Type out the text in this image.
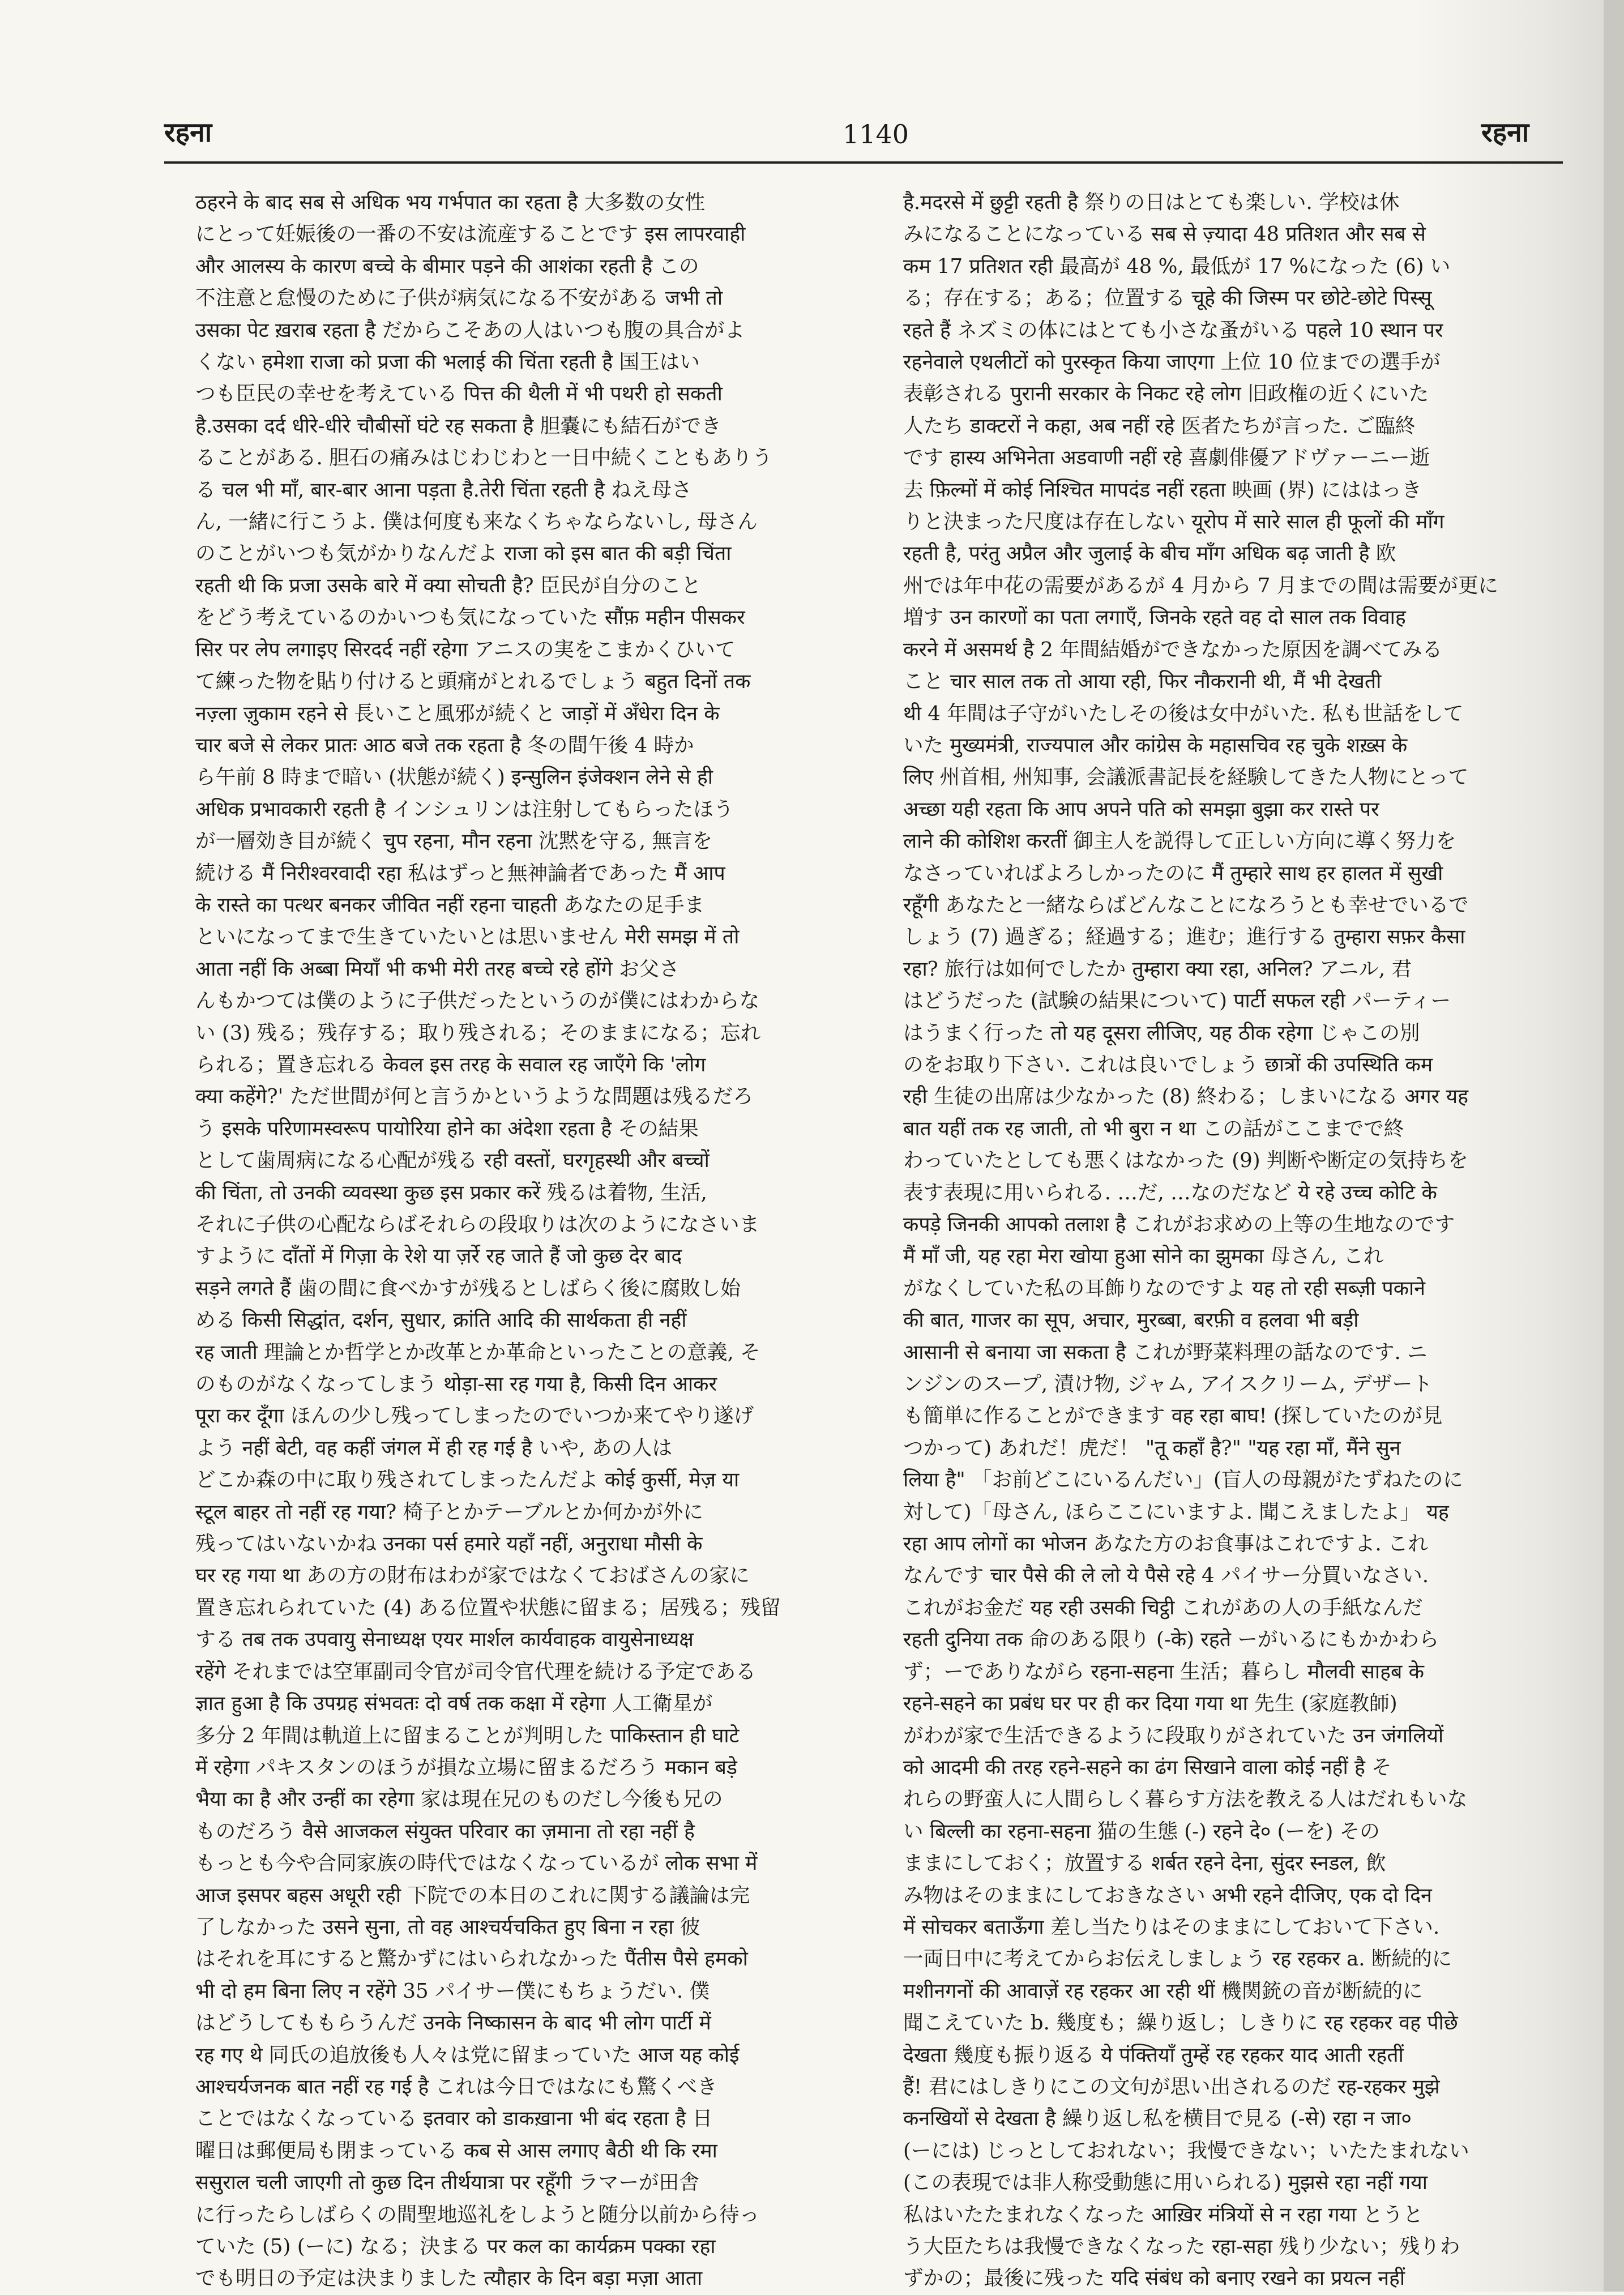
रहना	1140	रहना

ठहरने के बाद सब से अधिक भय गर्भपात का रहता है 大多数の女性

にとって妊娠後の一番の不安は流産することです इस लापरवाही

और आलस्य के कारण बच्चे के बीमार पड़ने की आशंका रहती है この

不注意と怠慢のために子供が病気になる不安がある जभी तो

उसका पेट ख़राब रहता है だからこそあの人はいつも腹の具合がよ

くない हमेशा राजा को प्रजा की भलाई की चिंता रहती है 国王はい

つも臣民の幸せを考えている पित्त की थैली में भी पथरी हो सकती

है.उसका दर्द धीरे-धीरे चौबीसों घंटे रह सकता है 胆嚢にも結石ができ

ることがある. 胆石の痛みはじわじわと一日中続くこともありう

る चल भी माँ, बार-बार आना पड़ता है.तेरी चिंता रहती है ねえ母さ

ん, 一緒に行こうよ. 僕は何度も来なくちゃならないし, 母さん

のことがいつも気がかりなんだよ राजा को इस बात की बड़ी चिंता

रहती थी कि प्रजा उसके बारे में क्या सोचती है? 臣民が自分のこと

をどう考えているのかいつも気になっていた सौंफ़ महीन पीसकर

सिर पर लेप लगाइए सिरदर्द नहीं रहेगा アニスの実をこまかくひいて

て練った物を貼り付けると頭痛がとれるでしょう बहुत दिनों तक

नज़्ला ज़ुकाम रहने से 長いこと風邪が続くと जाड़ों में अँधेरा दिन के

चार बजे से लेकर प्रातः आठ बजे तक रहता है 冬の間午後 4 時か

ら午前 8 時まで暗い (状態が続く) इन्सुलिन इंजेक्शन लेने से ही

अधिक प्रभावकारी रहती है インシュリンは注射してもらったほう

が一層効き目が続く चुप रहना, मौन रहना 沈黙を守る, 無言を

続ける मैं निरीश्वरवादी रहा 私はずっと無神論者であった मैं आप

के रास्ते का पत्थर बनकर जीवित नहीं रहना चाहती あなたの足手ま

といになってまで生きていたいとは思いません मेरी समझ में तो

आता नहीं कि अब्बा मियाँ भी कभी मेरी तरह बच्चे रहे होंगे お父さ

んもかつては僕のように子供だったというのが僕にはわからな

い (3) 残る；残存する；取り残される；そのままになる；忘れ

られる；置き忘れる केवल इस तरह के सवाल रह जाएँगे कि 'लोग

क्या कहेंगे?' ただ世間が何と言うかというような問題は残るだろ

う इसके परिणामस्वरूप पायोरिया होने का अंदेशा रहता है その結果

として歯周病になる心配が残る रही वस्तों, घरगृहस्थी और बच्चों

की चिंता, तो उनकी व्यवस्था कुछ इस प्रकार करें 残るは着物, 生活,

それに子供の心配ならばそれらの段取りは次のようになさいま

すように दाँतों में गिज़ा के रेशे या ज़र्रे रह जाते हैं जो कुछ देर बाद

सड़ने लगते हैं 歯の間に食べかすが残るとしばらく後に腐敗し始

める किसी सिद्धांत, दर्शन, सुधार, क्रांति आदि की सार्थकता ही नहीं

रह जाती 理論とか哲学とか改革とか革命といったことの意義, そ

のものがなくなってしまう थोड़ा-सा रह गया है, किसी दिन आकर

पूरा कर दूँगा ほんの少し残ってしまったのでいつか来てやり遂げ

よう नहीं बेटी, वह कहीं जंगल में ही रह गई है いや, あの人は

どこか森の中に取り残されてしまったんだよ कोई कुर्सी, मेज़ या

स्टूल बाहर तो नहीं रह गया? 椅子とかテーブルとか何かが外に

残ってはいないかね उनका पर्स हमारे यहाँ नहीं, अनुराधा मौसी के

घर रह गया था あの方の財布はわが家ではなくておばさんの家に

置き忘れられていた (4) ある位置や状態に留まる；居残る；残留

する तब तक उपवायु सेनाध्यक्ष एयर मार्शल कार्यवाहक वायुसेनाध्यक्ष

रहेंगे それまでは空軍副司令官が司令官代理を続ける予定である

ज्ञात हुआ है कि उपग्रह संभवतः दो वर्ष तक कक्षा में रहेगा 人工衛星が

多分 2 年間は軌道上に留まることが判明した पाकिस्तान ही घाटे

में रहेगा パキスタンのほうが損な立場に留まるだろう मकान बड़े

भैया का है और उन्हीं का रहेगा 家は現在兄のものだし今後も兄の

ものだろう वैसे आजकल संयुक्त परिवार का ज़माना तो रहा नहीं है

もっとも今や合同家族の時代ではなくなっているが लोक सभा में

आज इसपर बहस अधूरी रही 下院での本日のこれに関する議論は完

了しなかった उसने सुना, तो वह आश्चर्यचकित हुए बिना न रहा 彼

はそれを耳にすると驚かずにはいられなかった पैंतीस पैसे हमको

भी दो हम बिना लिए न रहेंगे 35 パイサー僕にもちょうだい. 僕

はどうしてももらうんだ उनके निष्कासन के बाद भी लोग पार्टी में

रह गए थे 同氏の追放後も人々は党に留まっていた आज यह कोई

आश्चर्यजनक बात नहीं रह गई है これは今日ではなにも驚くべき

ことではなくなっている इतवार को डाकख़ाना भी बंद रहता है 日

曜日は郵便局も閉まっている कब से आस लगाए बैठी थी कि रमा

ससुराल चली जाएगी तो कुछ दिन तीर्थयात्रा पर रहूँगी ラマーが田舎

に行ったらしばらくの間聖地巡礼をしようと随分以前から待っ

ていた (5) (ーに) なる；決まる पर कल का कार्यक्रम पक्का रहा

でも明日の予定は決まりました त्यौहार के दिन बड़ा मज़ा आता

है.मदरसे में छुट्टी रहती है 祭りの日はとても楽しい. 学校は休

みになることになっている सब से ज़्यादा 48 प्रतिशत और सब से

कम 17 प्रतिशत रही 最高が 48 %, 最低が 17 %になった (6) い

る；存在する；ある；位置する चूहे की जिस्म पर छोटे-छोटे पिस्सू

रहते हैं ネズミの体にはとても小さな蚤がいる पहले 10 स्थान पर

रहनेवाले एथलीटों को पुरस्कृत किया जाएगा 上位 10 位までの選手が

表彰される पुरानी सरकार के निकट रहे लोग 旧政権の近くにいた

人たち डाक्टरों ने कहा, अब नहीं रहे 医者たちが言った. ご臨終

です हास्य अभिनेता अडवाणी नहीं रहे 喜劇俳優アドヴァーニー逝

去 फ़िल्मों में कोई निश्चित मापदंड नहीं रहता 映画 (界) にははっき

りと決まった尺度は存在しない यूरोप में सारे साल ही फूलों की माँग

रहती है, परंतु अप्रैल और जुलाई के बीच माँग अधिक बढ़ जाती है 欧

州では年中花の需要があるが 4 月から 7 月までの間は需要が更に

増す उन कारणों का पता लगाएँ, जिनके रहते वह दो साल तक विवाह

करने में असमर्थ है 2 年間結婚ができなかった原因を調べてみる

こと चार साल तक तो आया रही, फिर नौकरानी थी, मैं भी देखती

थी 4 年間は子守がいたしその後は女中がいた. 私も世話をして

いた मुख्यमंत्री, राज्यपाल और कांग्रेस के महासचिव रह चुके शख़्स के

लिए 州首相, 州知事, 会議派書記長を経験してきた人物にとって

अच्छा यही रहता कि आप अपने पति को समझा बुझा कर रास्ते पर

लाने की कोशिश करतीं 御主人を説得して正しい方向に導く努力を

なさっていればよろしかったのに मैं तुम्हारे साथ हर हालत में सुखी

रहूँगी あなたと一緒ならばどんなことになろうとも幸せでいるで

しょう (7) 過ぎる；経過する；進む；進行する तुम्हारा सफ़र कैसा

रहा? 旅行は如何でしたか तुम्हारा क्या रहा, अनिल? アニル, 君

はどうだった (試験の結果について) पार्टी सफल रही パーティー

はうまく行った तो यह दूसरा लीजिए, यह ठीक रहेगा じゃこの別

のをお取り下さい. これは良いでしょう छात्रों की उपस्थिति कम

रही 生徒の出席は少なかった (8) 終わる；しまいになる अगर यह

बात यहीं तक रह जाती, तो भी बुरा न था この話がここまでで終

わっていたとしても悪くはなかった (9) 判断や断定の気持ちを

表す表現に用いられる. …だ, …なのだなど ये रहे उच्च कोटि के

कपड़े जिनकी आपको तलाश है これがお求めの上等の生地なのです

मैं माँ जी, यह रहा मेरा खोया हुआ सोने का झुमका 母さん, これ

がなくしていた私の耳飾りなのですよ यह तो रही सब्ज़ी पकाने

की बात, गाजर का सूप, अचार, मुरब्बा, बरफ़ी व हलवा भी बड़ी

आसानी से बनाया जा सकता है これが野菜料理の話なのです. ニ

ンジンのスープ, 漬け物, ジャム, アイスクリーム, デザート

も簡単に作ることができます वह रहा बाघ! (探していたのが見

つかって) あれだ！虎だ！ "तू कहाँ है?" "यह रहा माँ, मैंने सुन

लिया है" 「お前どこにいるんだい」(盲人の母親がたずねたのに

対して)「母さん, ほらここにいますよ. 聞こえましたよ」 यह

रहा आप लोगों का भोजन あなた方のお食事はこれですよ. これ

なんです चार पैसे की ले लो ये पैसे रहे 4 パイサー分買いなさい.

これがお金だ यह रही उसकी चिट्ठी これがあの人の手紙なんだ

रहती दुनिया तक 命のある限り (-के) रहते ーがいるにもかかわら

ず；ーでありながら रहना-सहना 生活；暮らし मौलवी साहब के

रहने-सहने का प्रबंध घर पर ही कर दिया गया था 先生 (家庭教師)

がわが家で生活できるように段取りがされていた उन जंगलियों

को आदमी की तरह रहने-सहने का ढंग सिखाने वाला कोई नहीं है そ

れらの野蛮人に人間らしく暮らす方法を教える人はだれもいな

い बिल्ली का रहना-सहना 猫の生態 (-) रहने दे० (ーを) その

ままにしておく；放置する शर्बत रहने देना, सुंदर स्नडल, 飲

み物はそのままにしておきなさい अभी रहने दीजिए, एक दो दिन

में सोचकर बताऊँगा 差し当たりはそのままにしておいて下さい.

一両日中に考えてからお伝えしましょう रह रहकर a. 断続的に

मशीनगनों की आवाज़ें रह रहकर आ रही थीं 機関銃の音が断続的に

聞こえていた b. 幾度も；繰り返し；しきりに रह रहकर वह पीछे

देखता 幾度も振り返る ये पंक्तियाँ तुम्हें रह रहकर याद आती रहतीं

हैं! 君にはしきりにこの文句が思い出されるのだ रह-रहकर मुझे

कनखियों से देखता है 繰り返し私を横目で見る (-से) रहा न जा०

(ーには) じっとしておれない；我慢できない；いたたまれない

(この表現では非人称受動態に用いられる) मुझसे रहा नहीं गया

私はいたたまれなくなった आख़िर मंत्रियों से न रहा गया とうと

う大臣たちは我慢できなくなった रहा-सहा 残り少ない；残りわ

ずかの；最後に残った यदि संबंध को बनाए रखने का प्रयत्न नहीं
